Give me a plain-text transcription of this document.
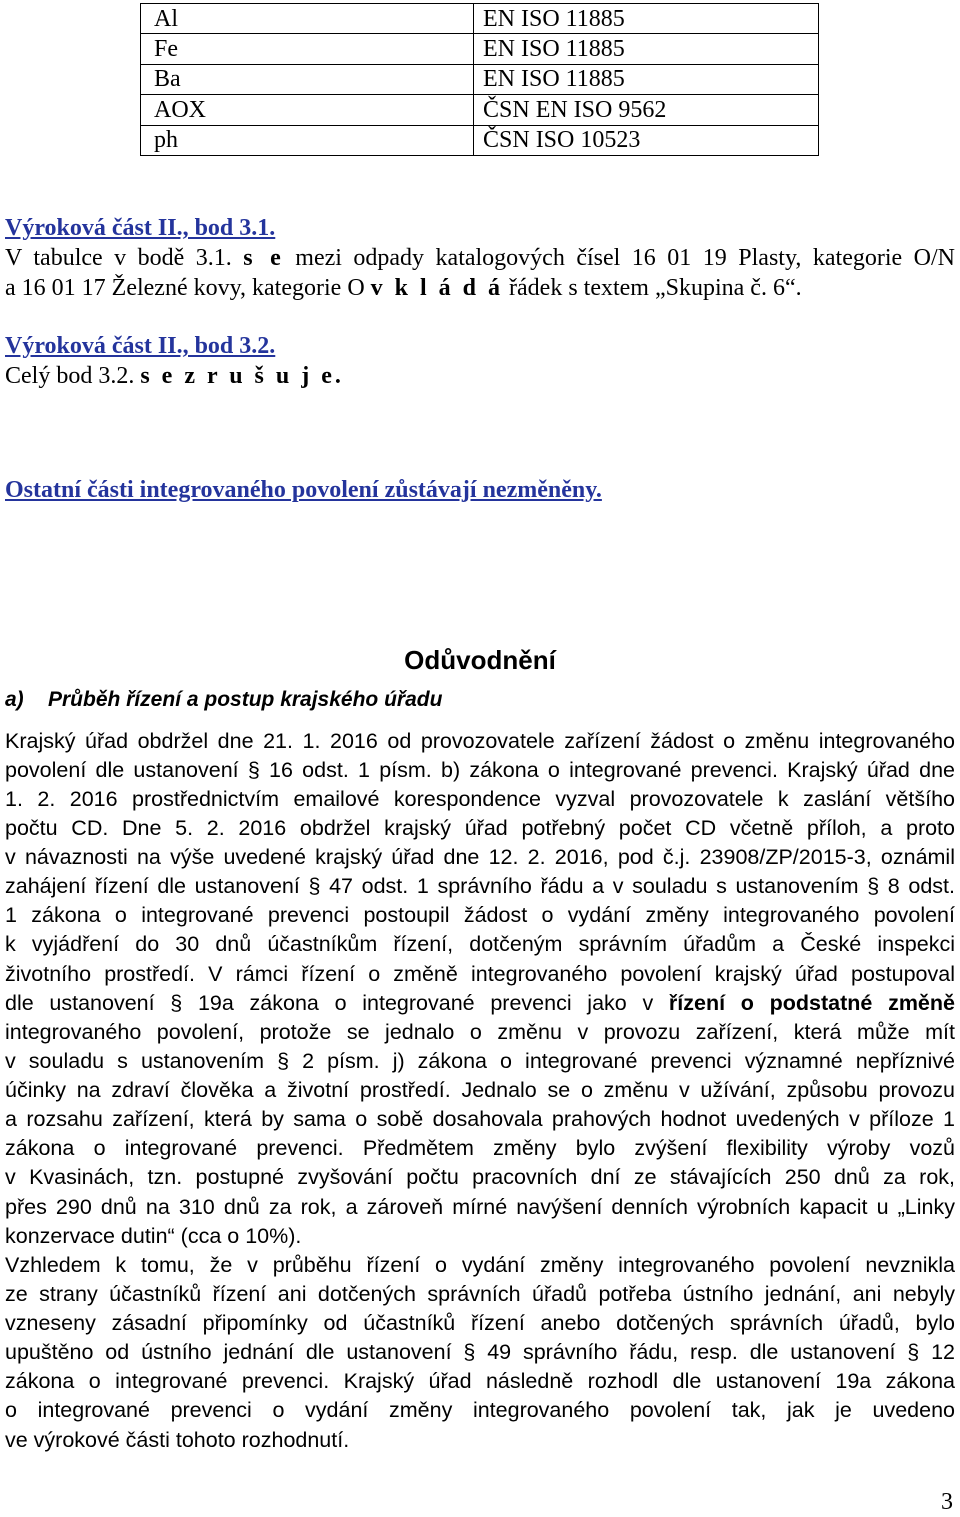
Al	EN ISO 11885
Fe	EN ISO 11885
Ba	EN ISO 11885
AOX	ČSN EN ISO 9562
ph	ČSN ISO 10523
Výroková část II., bod 3.1.
V tabulce v bodě 3.1. s e mezi odpady katalogových čísel 16 01 19 Plasty, kategorie O/N
a 16 01 17 Železné kovy, kategorie O v k l á d á řádek s textem „Skupina č. 6“.
Výroková část II., bod 3.2.
Celý bod 3.2. s e z r u š u j e.
Ostatní části integrovaného povolení zůstávají nezměněny.
Odůvodnění
a) Průběh řízení a postup krajského úřadu
Krajský úřad obdržel dne 21. 1. 2016 od provozovatele zařízení žádost o změnu integrovaného
povolení dle ustanovení § 16 odst. 1 písm. b) zákona o integrované prevenci. Krajský úřad dne
1. 2. 2016 prostřednictvím emailové korespondence vyzval provozovatele k zaslání většího
počtu CD. Dne 5. 2. 2016 obdržel krajský úřad potřebný počet CD včetně příloh, a proto
v návaznosti na výše uvedené krajský úřad dne 12. 2. 2016, pod č.j. 23908/ZP/2015-3, oznámil
zahájení řízení dle ustanovení § 47 odst. 1 správního řádu a v souladu s ustanovením § 8 odst.
1 zákona o integrované prevenci postoupil žádost o vydání změny integrovaného povolení
k vyjádření do 30 dnů účastníkům řízení, dotčeným správním úřadům a České inspekci
životního prostředí. V rámci řízení o změně integrovaného povolení krajský úřad postupoval
dle ustanovení § 19a zákona o integrované prevenci jako v řízení o podstatné změně
integrovaného povolení, protože se jednalo o změnu v provozu zařízení, která může mít
v souladu s ustanovením § 2 písm. j) zákona o integrované prevenci významné nepříznivé
účinky na zdraví člověka a životní prostředí. Jednalo se o změnu v užívání, způsobu provozu
a rozsahu zařízení, která by sama o sobě dosahovala prahových hodnot uvedených v příloze 1
zákona o integrované prevenci. Předmětem změny bylo zvýšení flexibility výroby vozů
v Kvasinách, tzn. postupné zvyšování počtu pracovních dní ze stávajících 250 dnů za rok,
přes 290 dnů na 310 dnů za rok, a zároveň mírné navýšení denních výrobních kapacit u „Linky
konzervace dutin“ (cca o 10%).
Vzhledem k tomu, že v průběhu řízení o vydání změny integrovaného povolení nevznikla
ze strany účastníků řízení ani dotčených správních úřadů potřeba ústního jednání, ani nebyly
vzneseny zásadní připomínky od účastníků řízení anebo dotčených správních úřadů, bylo
upuštěno od ústního jednání dle ustanovení § 49 správního řádu, resp. dle ustanovení § 12
zákona o integrované prevenci. Krajský úřad následně rozhodl dle ustanovení 19a zákona
o integrované prevenci o vydání změny integrovaného povolení tak, jak je uvedeno
ve výrokové části tohoto rozhodnutí.
3
